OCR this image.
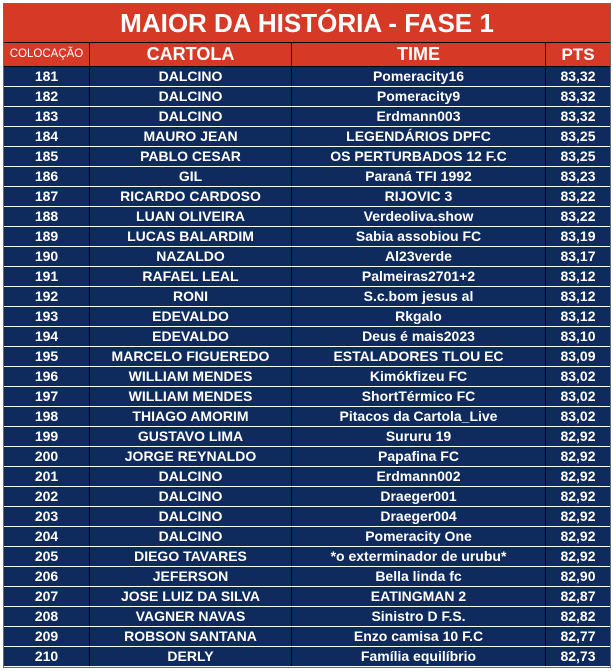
MAIOR DA HISTÓRIA - FASE 1
COLOCAÇÃO	CARTOLA	TIME	PTS
181	DALCINO	Pomeracity16	83,32
182	DALCINO	Pomeracity9	83,32
183	DALCINO	Erdmann003	83,32
184	MAURO JEAN	LEGENDÁRIOS DPFC	83,25
185	PABLO CESAR	OS PERTURBADOS 12 F.C	83,25
186	GIL	Paraná TFI 1992	83,23
187	RICARDO CARDOSO	RIJOVIC 3	83,22
188	LUAN OLIVEIRA	Verdeoliva.show	83,22
189	LUCAS BALARDIM	Sabia assobiou FC	83,19
190	NAZALDO	Al23verde	83,17
191	RAFAEL LEAL	Palmeiras2701+2	83,12
192	RONI	S.c.bom jesus al	83,12
193	EDEVALDO	Rkgalo	83,12
194	EDEVALDO	Deus é mais2023	83,10
195	MARCELO FIGUEREDO	ESTALADORES TLOU EC	83,09
196	WILLIAM MENDES	Kimókfizeu FC	83,02
197	WILLIAM MENDES	ShortTérmico FC	83,02
198	THIAGO AMORIM	Pitacos da Cartola_Live	83,02
199	GUSTAVO LIMA	Sururu 19	82,92
200	JORGE REYNALDO	Papafina FC	82,92
201	DALCINO	Erdmann002	82,92
202	DALCINO	Draeger001	82,92
203	DALCINO	Draeger004	82,92
204	DALCINO	Pomeracity One	82,92
205	DIEGO TAVARES	*o exterminador de urubu*	82,92
206	JEFERSON	Bella linda fc	82,90
207	JOSE LUIZ DA SILVA	EATINGMAN 2	82,87
208	VAGNER NAVAS	Sinistro D F.S.	82,82
209	ROBSON SANTANA	Enzo camisa 10 F.C	82,77
210	DERLY	Família equilíbrio	82,73
